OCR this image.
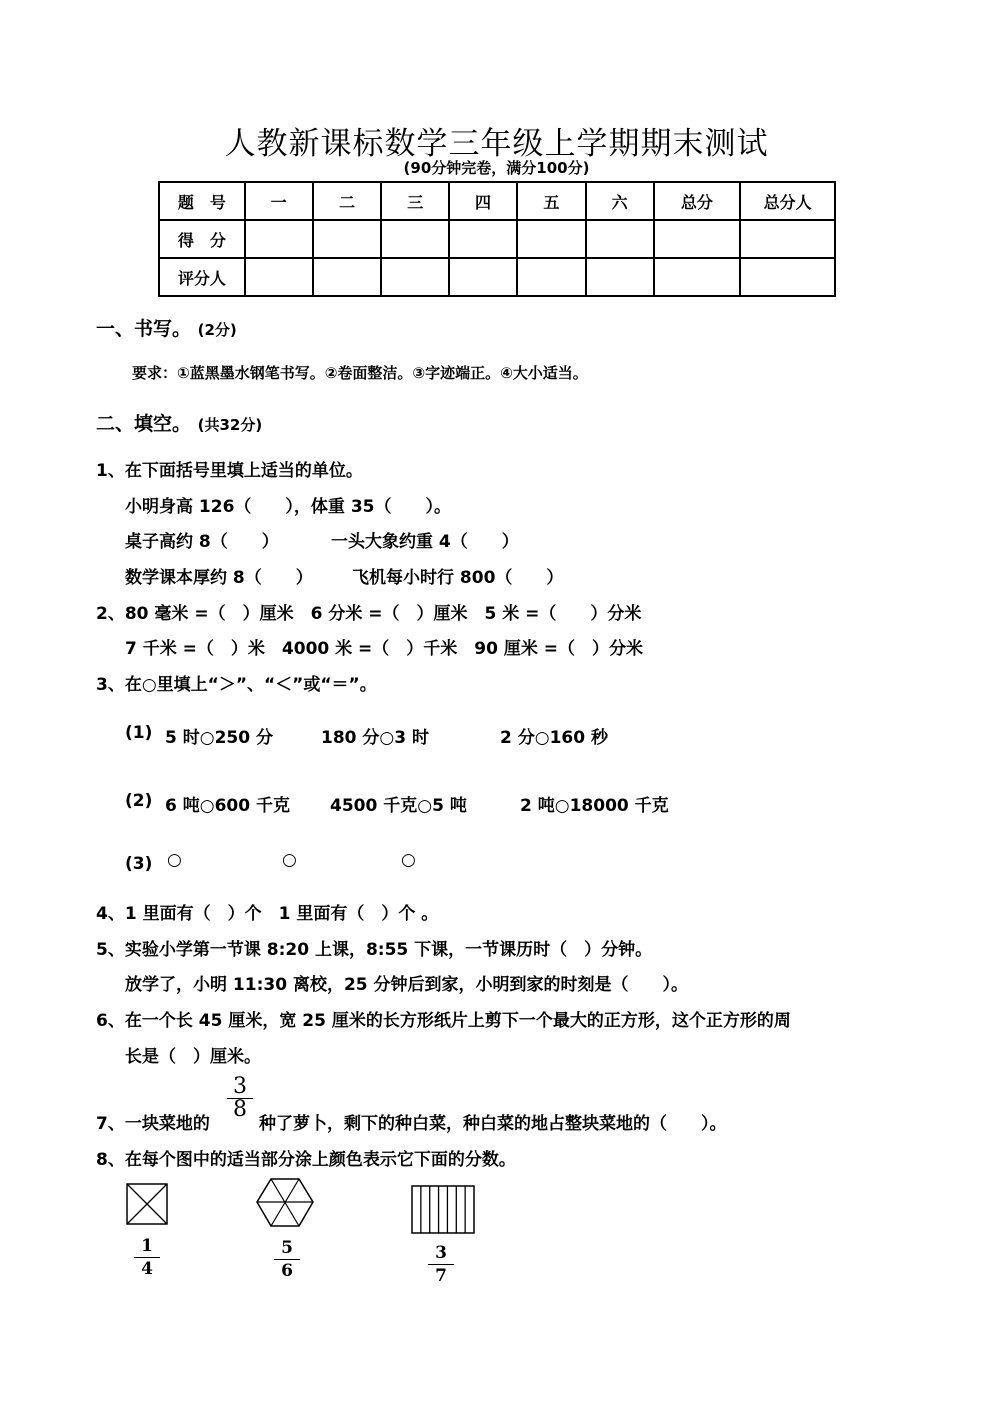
人教新课标数学三年级上学期期末测试
(90分钟完卷，满分100分)
题　号	一	二	三	四	五	六	总分	总分人
得　分								
评分人								
一、书写。 (2分)
要求：①蓝黑墨水钢笔书写。②卷面整洁。③字迹端正。④大小适当。
二、填空。 (共32分)
1、在下面括号里填上适当的单位。
小明身高 126（　　），体重 35（　　）。
桌子高约 8（　　）	一头大象约重 4（　　）
数学课本厚约 8（　　） 飞机每小时行 800（　　）
2、80 毫米 =（　）厘米　6 分米 =（　）厘米　5 米 =（　　）分米
7 千米 =（　）米　4000 米 =（　）千米　90 厘米 =（　）分米
3、在○里填上“＞”、“＜”或“＝”。
(1) 5 时○250 分	180 分○3 时	2 分○160 秒
(2) 6 吨○600 千克 4500 千克○5 吨	2 吨○18000 千克
(3) ○	○	○
4、1 里面有（　）个　1 里面有（　）个 。
5、实验小学第一节课 8:20 上课，8:55 下课，一节课历时（　）分钟。
放学了，小明 11:30 离校，25 分钟后到家，小明到家的时刻是（　　）。
6、在一个长 45 厘米，宽 25 厘米的长方形纸片上剪下一个最大的正方形，这个正方形的周
长是（　）厘米。
7、一块菜地的
3
8
种了萝卜，剩下的种白菜，种白菜的地占整块菜地的（　　）。
8、在每个图中的适当部分涂上颜色表示它下面的分数。
1
4
5
6
3
7
